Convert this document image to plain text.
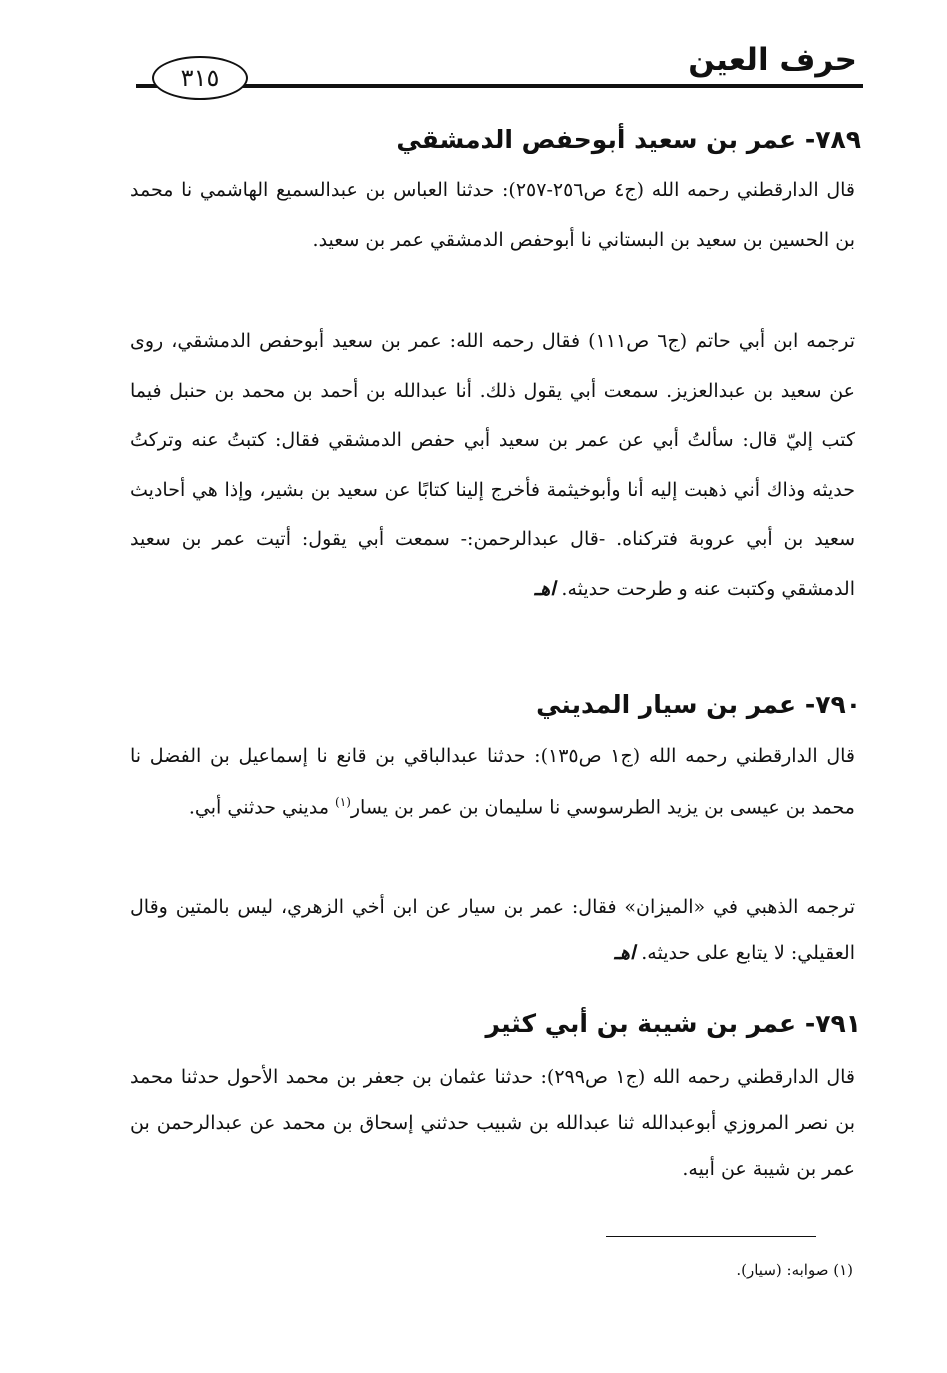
حرف العين
٣١٥
٧٨٩- عمر بن سعيد أبوحفص الدمشقي

قال الدارقطني رحمه الله (ج٤ ص٢٥٦-٢٥٧): حدثنا العباس بن عبدالسميع الهاشمي نا محمد بن الحسين بن سعيد بن البستاني نا أبوحفص الدمشقي عمر بن سعيد.

ترجمه ابن أبي حاتم (ج٦ ص١١١) فقال رحمه الله: عمر بن سعيد أبوحفص الدمشقي، روى عن سعيد بن عبدالعزيز. سمعت أبي يقول ذلك. أنا عبدالله بن أحمد بن محمد بن حنبل فيما كتب إليّ قال: سألتُ أبي عن عمر بن سعيد أبي حفص الدمشقي فقال: كتبتُ عنه وتركتُ حديثه وذاك أني ذهبت إليه أنا وأبوخيثمة فأخرج إلينا كتابًا عن سعيد بن بشير، وإذا هي أحاديث سعيد بن أبي عروبة فتركناه. -قال عبدالرحمن:- سمعت أبي يقول: أتيت عمر بن سعيد الدمشقي وكتبت عنه و طرحت حديثه. اهـ

٧٩٠- عمر بن سيار المديني

قال الدارقطني رحمه الله (ج١ ص١٣٥): حدثنا عبدالباقي بن قانع نا إسماعيل بن الفضل نا محمد بن عيسى بن يزيد الطرسوسي نا سليمان بن عمر بن يسار$^{(١)}$ مديني حدثني أبي.

ترجمه الذهبي في «الميزان» فقال: عمر بن سيار عن ابن أخي الزهري، ليس بالمتين وقال العقيلي: لا يتابع على حديثه. اهـ

٧٩١- عمر بن شيبة بن أبي كثير

قال الدارقطني رحمه الله (ج١ ص٢٩٩): حدثنا عثمان بن جعفر بن محمد الأحول حدثنا محمد بن نصر المروزي أبوعبدالله ثنا عبدالله بن شبيب حدثني إسحاق بن محمد عن عبدالرحمن بن عمر بن شيبة عن أبيه.

(١) صوابه: (سيار).
